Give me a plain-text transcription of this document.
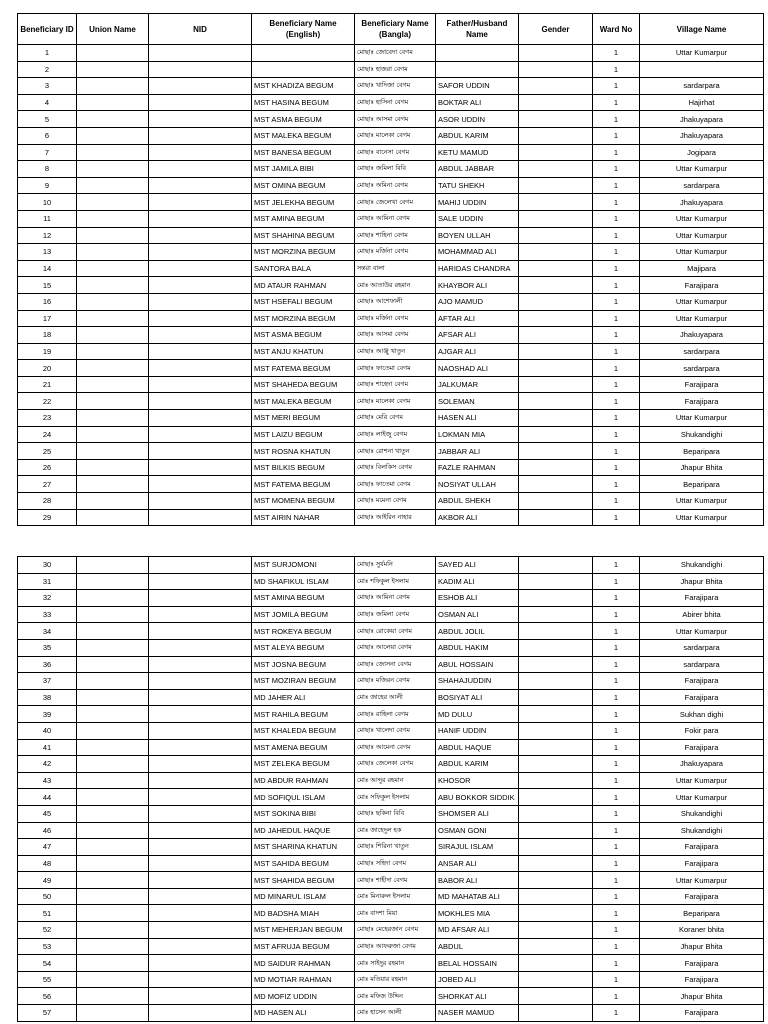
Beneficiary ID	Union Name	NID	Beneficiary Name (English)	Beneficiary Name (Bangla)	Father/Husband Name	Gender	Ward No	Village Name
1				মোছাঃ জোবেদা বেগম			1	Uttar Kumarpur
2				মোছাঃ হাজরা বেগম			1	
3			MST KHADIZA BEGUM	মোছাঃ খাদিজা বেগম	SAFOR UDDIN		1	sardarpara
4			MST HASINA BEGUM	মোছাঃ হাসিনা বেগম	BOKTAR ALI		1	Hajirhat
5			MST ASMA BEGUM	মোছাঃ আসমা বেগম	ASOR UDDIN		1	Jhakuyapara
6			MST MALEKA BEGUM	মোছাঃ মালেকা বেগম	ABDUL KARIM		1	Jhakuyapara
7			MST BANESA BEGUM	মোছাঃ বানেসা বেগম	KETU MAMUD		1	Jogipara
8			MST JAMILA BIBI	মোছাঃ জমিলা বিবি	ABDUL JABBAR		1	Uttar Kumarpur
9			MST OMINA BEGUM	মোছাঃ অমিনা বেগম	TATU SHEKH		1	sardarpara
10			MST JELEKHA BEGUM	মোছাঃ জেলেখা বেগম	MAHIJ UDDIN		1	Jhakuyapara
11			MST AMINA BEGUM	মোছাঃ আমিনা বেগম	SALE UDDIN		1	Uttar Kumarpur
12			MST SHAHINA BEGUM	মোছাঃ শাহিনা বেগম	BOYEN ULLAH		1	Uttar Kumarpur
13			MST MORZINA BEGUM	মোছাঃ মর্জিনা বেগম	MOHAMMAD ALI		1	Uttar Kumarpur
14			SANTORA BALA	সন্তরা বালা	HARIDAS CHANDRA		1	Majipara
15			MD ATAUR RAHMAN	মোঃ আতাউর রহমান	KHAYBOR ALI		1	Farajipara
16			MST HSEFALI BEGUM	মোছাঃ আশেফালী	AJO MAMUD		1	Uttar Kumarpur
17			MST MORZINA BEGUM	মোছাঃ মর্জিনা বেগম	AFTAR ALI		1	Uttar Kumarpur
18			MST ASMA BEGUM	মোছাঃ আসমা বেগম	AFSAR ALI		1	Jhakuyapara
19			MST ANJU KHATUN	মোছাঃ আঞ্জু খাতুন	AJGAR ALI		1	sardarpara
20			MST FATEMA BEGUM	মোছাঃ ফাতেমা বেগম	NAOSHAD ALI		1	sardarpara
21			MST SHAHEDA BEGUM	মোছাঃ শাহেদা বেগম	JALKUMAR		1	Farajipara
22			MST MALEKA BEGUM	মোছাঃ মালেকা বেগম	SOLEMAN		1	Farajipara
23			MST MERI BEGUM	মোছাঃ মেরি বেগম	HASEN ALI		1	Uttar Kumarpur
24			MST LAIZU BEGUM	মোছাঃ লাইজু বেগম	LOKMAN MIA		1	Shukandighi
25			MST ROSNA KHATUN	মোছাঃ রোশনা খাতুন	JABBAR ALI		1	Beparipara
26			MST BILKIS BEGUM	মোছাঃ বিলকিস বেগম	FAZLE RAHMAN		1	Jhapur Bhita
27			MST FATEMA BEGUM	মোছাঃ ফাতেমা বেগম	NOSIYAT ULLAH		1	Beparipara
28			MST MOMENA BEGUM	মোছাঃ মমেনা বেগম	ABDUL SHEKH		1	Uttar Kumarpur
29			MST AIRIN NAHAR	মোছাঃ আইরিন নাহার	AKBOR ALI		1	Uttar Kumarpur
30			MST SURJOMONI	মোছাঃ সুর্যমনি	SAYED ALI		1	Shukandighi
31			MD SHAFIKUL ISLAM	মোঃ শফিকুল ইসলাম	KADIM ALI		1	Jhapur Bhita
32			MST AMINA BEGUM	মোছাঃ আমিনা বেগম	ESHOB ALI		1	Farajipara
33			MST JOMILA BEGUM	মোছাঃ জমিলা বেগম	OSMAN ALI		1	Abirer bhita
34			MST ROKEYA BEGUM	মোছাঃ রোকেয়া বেগম	ABDUL JOLIL		1	Uttar Kumarpur
35			MST ALEYA BEGUM	মোছাঃ আলেয়া বেগম	ABDUL HAKIM		1	sardarpara
36			MST JOSNA BEGUM	মোছাঃ জোসনা বেগম	ABUL HOSSAIN		1	sardarpara
37			MST MOZIRAN BEGUM	মোছাঃ মজিরন বেগম	SHAHAJUDDIN		1	Farajipara
38			MD JAHER ALI	মোঃ জাহের আলী	BOSIYAT ALI		1	Farajipara
39			MST RAHILA BEGUM	মোছাঃ রাহিলা বেগম	MD DULU		1	Sukhan dighi
40			MST KHALEDA BEGUM	মোছাঃ খালেদা বেগম	HANIF UDDIN		1	Fokir para
41			MST AMENA BEGUM	মোছাঃ আমেনা বেগম	ABDUL HAQUE		1	Farajipara
42			MST ZELEKA BEGUM	মোছাঃ জেলেকা বেগম	ABDUL KARIM		1	Jhakuyapara
43			MD ABDUR RAHMAN	মোঃ আব্দুর রহমান	KHOSOR		1	Uttar Kumarpur
44			MD SOFIQUL ISLAM	মোঃ সফিকুল ইসলাম	ABU BOKKOR SIDDIK		1	Uttar Kumarpur
45			MST SOKINA BIBI	মোছাঃ ছকিনা বিবি	SHOMSER ALI		1	Shukandighi
46			MD JAHEDUL HAQUE	মোঃ জাহেদুল হক	OSMAN GONI		1	Shukandighi
47			MST SHARINA KHATUN	মোছাঃ শিরিনা খাতুন	SIRAJUL ISLAM		1	Farajipara
48			MST SAHIDA BEGUM	মোছাঃ সহিদা বেগম	ANSAR ALI		1	Farajipara
49			MST SHAHIDA BEGUM	মোছাঃ শাহীদা বেগম	BABOR ALI		1	Uttar Kumarpur
50			MD MINARUL ISLAM	মোঃ মিনারুল ইসলাম	MD MAHATAB ALI		1	Farajipara
51			MD BADSHA MIAH	মোঃ বাদশা মিয়া	MOKHLES MIA		1	Beparipara
52			MST MEHERJAN BEGUM	মোছাঃ মেহেরজান বেগম	MD AFSAR ALI		1	Koraner bhita
53			MST AFRUJA BEGUM	মোছাঃ আফরুজা বেগম	ABDUL		1	Jhapur Bhita
54			MD SAIDUR RAHMAN	মোঃ সাইদুর রহমান	BELAL HOSSAIN		1	Farajipara
55			MD MOTIAR RAHMAN	মোঃ মতিয়ার রহমান	JOBED ALI		1	Farajipara
56			MD MOFIZ UDDIN	মোঃ মফিজ উদ্দিন	SHORKAT ALI		1	Jhapur Bhita
57			MD HASEN ALI	মোঃ হাসেন আলী	NASER MAMUD		1	Farajipara
